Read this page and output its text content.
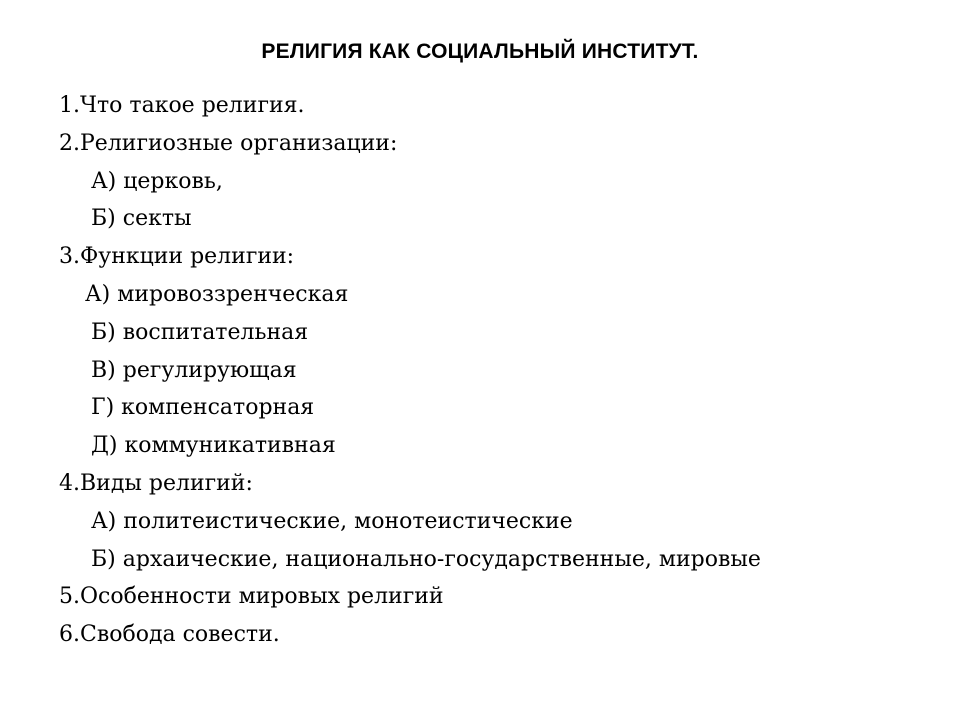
РЕЛИГИЯ КАК СОЦИАЛЬНЫЙ ИНСТИТУТ.
1.Что такое религия.
2.Религиозные организации:
А) церковь,
Б) секты
3.Функции религии:
А) мировоззренческая
Б) воспитательная
В) регулирующая
Г) компенсаторная
Д) коммуникативная
4.Виды религий:
А) политеистические, монотеистические
Б) архаические, национально-государственные, мировые
5.Особенности мировых религий
6.Свобода совести.
